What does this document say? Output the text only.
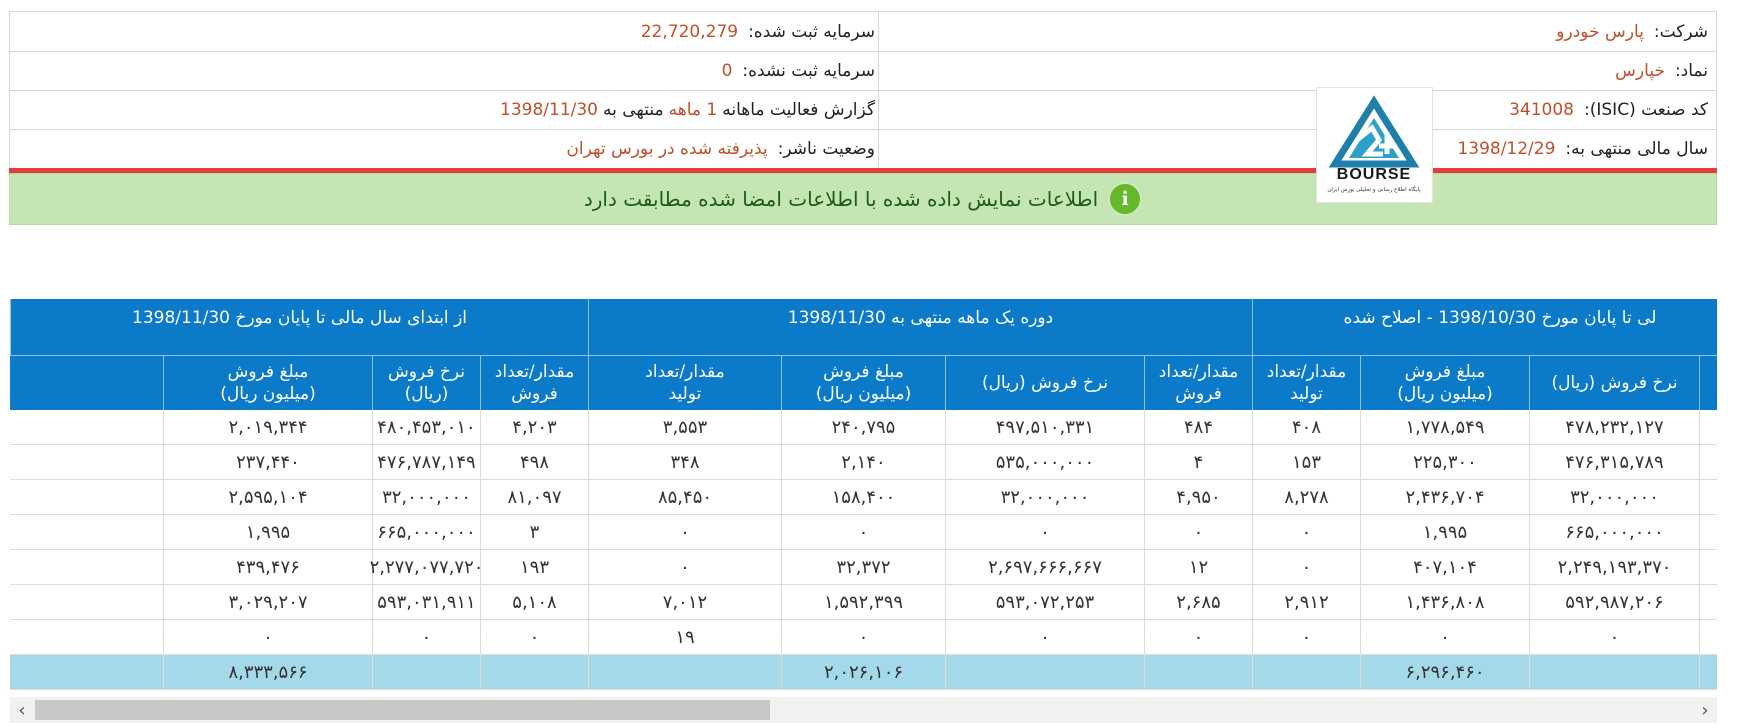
شرکت:
پارس خودرو
سرمایه ثبت شده:
22,720,279
نماد:
خپارس
سرمایه ثبت نشده:
0
کد صنعت (ISIC):
341008
گزارش فعالیت ماهانه
1 ماهه
منتهی به
1398/11/30
سال مالی منتهی به:
1398/12/29
وضعیت ناشر:
پذیرفته شده در بورس تهران
BOURSE
پایگاه اطلاع رسانی و تحلیلی بورس ایران
i
اطلاعات نمایش داده شده با اطلاعات امضا شده مطابقت دارد
لی تا پایان مورخ 1398/10/30 - اصلاح شده
دوره یک ماهه منتهی به 1398/11/30
از ابتدای سال مالی تا پایان مورخ 1398/11/30
د
نرخ فروش (ریال)
مبلغ فروش
(میلیون ریال)
مقدار/تعداد
تولید
مقدار/تعداد
فروش
نرخ فروش (ریال)
مبلغ فروش
(میلیون ریال)
مقدار/تعداد
تولید
مقدار/تعداد
فروش
نرخ فروش (ریال)
مبلغ فروش
(میلیون ریال)
۴۷۸,۲۳۲,۱۲۷
۱,۷۷۸,۵۴۹
۴۰۸
۴۸۴
۴۹۷,۵۱۰,۳۳۱
۲۴۰,۷۹۵
۳,۵۵۳
۴,۲۰۳
۴۸۰,۴۵۳,۰۱۰
۲,۰۱۹,۳۴۴
۴۷۶,۳۱۵,۷۸۹
۲۲۵,۳۰۰
۱۵۳
۴
۵۳۵,۰۰۰,۰۰۰
۲,۱۴۰
۳۴۸
۴۹۸
۴۷۶,۷۸۷,۱۴۹
۲۳۷,۴۴۰
۳۲,۰۰۰,۰۰۰
۲,۴۳۶,۷۰۴
۸,۲۷۸
۴,۹۵۰
۳۲,۰۰۰,۰۰۰
۱۵۸,۴۰۰
۸۵,۴۵۰
۸۱,۰۹۷
۳۲,۰۰۰,۰۰۰
۲,۵۹۵,۱۰۴
۶۶۵,۰۰۰,۰۰۰
۱,۹۹۵
۰
۰
۰
۰
۰
۳
۶۶۵,۰۰۰,۰۰۰
۱,۹۹۵
۲,۲۴۹,۱۹۳,۳۷۰
۴۰۷,۱۰۴
۰
۱۲
۲,۶۹۷,۶۶۶,۶۶۷
۳۲,۳۷۲
۰
۱۹۳
۲,۲۷۷,۰۷۷,۷۲۰
۴۳۹,۴۷۶
۵۹۲,۹۸۷,۲۰۶
۱,۴۳۶,۸۰۸
۲,۹۱۲
۲,۶۸۵
۵۹۳,۰۷۲,۲۵۳
۱,۵۹۲,۳۹۹
۷,۰۱۲
۵,۱۰۸
۵۹۳,۰۳۱,۹۱۱
۳,۰۲۹,۲۰۷
۰
۰
۰
۰
۰
۰
۱۹
۰
۰
۰
۶,۲۹۶,۴۶۰
۲,۰۲۶,۱۰۶
۸,۳۳۳,۵۶۶
‹	›
